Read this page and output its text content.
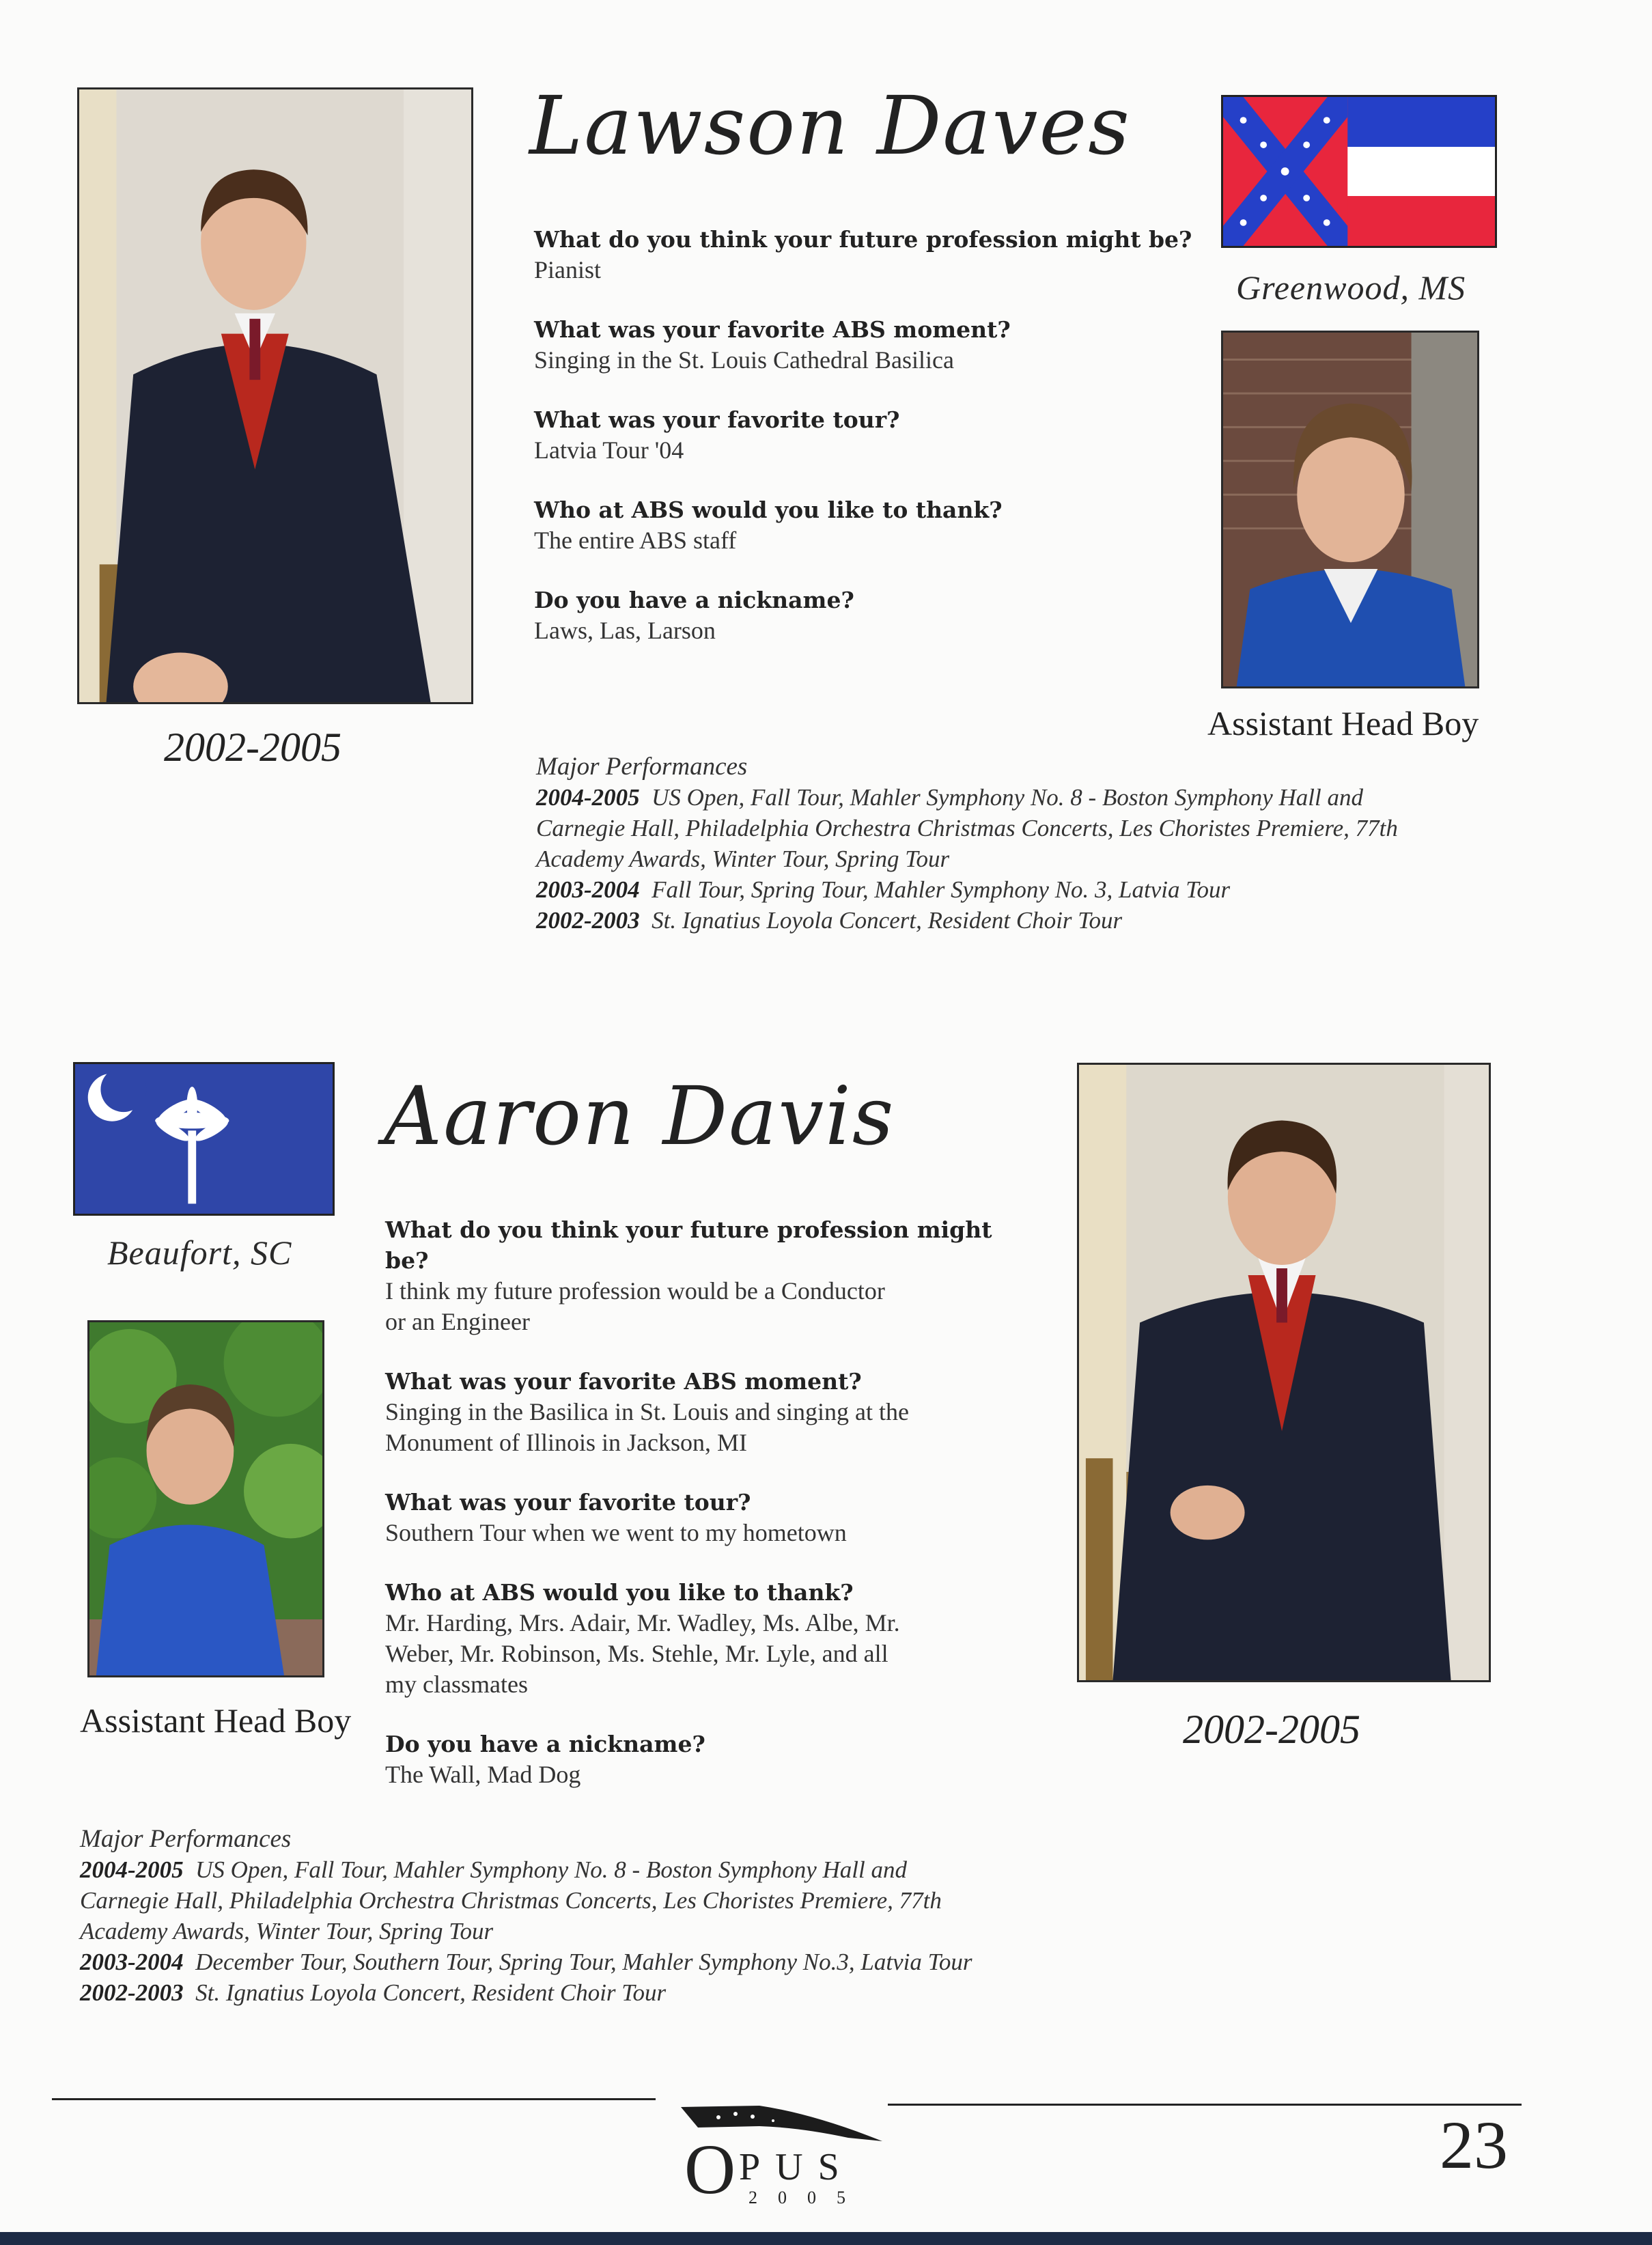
2002-2005
Lawson Daves
Greenwood, MS
Assistant Head Boy
What do you think your future profession might be?
Pianist
What was your favorite ABS moment?
Singing in the St. Louis Cathedral Basilica
What was your favorite tour?
Latvia Tour '04
Who at ABS would you like to thank?
The entire ABS staff
Do you have a nickname?
Laws, Las, Larson
Major Performances
2004-2005 US Open, Fall Tour, Mahler Symphony No. 8 - Boston Symphony Hall and
Carnegie Hall, Philadelphia Orchestra Christmas Concerts, Les Choristes Premiere, 77th
Academy Awards, Winter Tour, Spring Tour
2003-2004 Fall Tour, Spring Tour, Mahler Symphony No. 3, Latvia Tour
2002-2003 St. Ignatius Loyola Concert, Resident Choir Tour
Beaufort, SC
Assistant Head Boy
Aaron Davis
2002-2005
What do you think your future profession might
be?
I think my future profession would be a Conductor
or an Engineer
What was your favorite ABS moment?
Singing in the Basilica in St. Louis and singing at the
Monument of Illinois in Jackson, MI
What was your favorite tour?
Southern Tour when we went to my hometown
Who at ABS would you like to thank?
Mr. Harding, Mrs. Adair, Mr. Wadley, Ms. Albe, Mr.
Weber, Mr. Robinson, Ms. Stehle, Mr. Lyle, and all
my classmates
Do you have a nickname?
The Wall, Mad Dog
Major Performances
2004-2005 US Open, Fall Tour, Mahler Symphony No. 8 - Boston Symphony Hall and
Carnegie Hall, Philadelphia Orchestra Christmas Concerts, Les Choristes Premiere, 77th
Academy Awards, Winter Tour, Spring Tour
2003-2004 December Tour, Southern Tour, Spring Tour, Mahler Symphony No.3, Latvia Tour
2002-2003 St. Ignatius Loyola Concert, Resident Choir Tour
O PUS
2005
23
